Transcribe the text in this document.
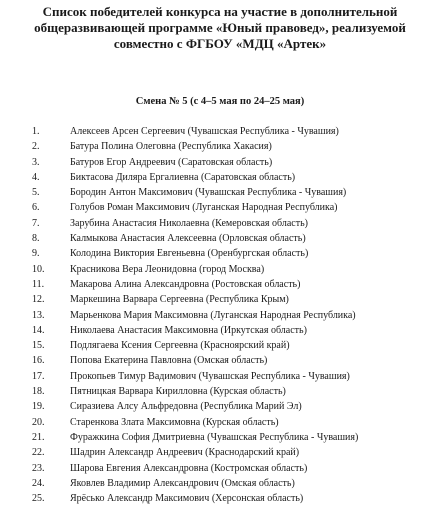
Список победителей конкурса на участие в дополнительной
общеразвивающей программе «Юный правовед», реализуемой
совместно с ФГБОУ «МДЦ «Артек»
Смена № 5 (с 4–5 мая по 24–25 мая)
1.	Алексеев Арсен Сергеевич (Чувашская Республика - Чувашия)
2.	Батура Полина Олеговна (Республика Хакасия)
3.	Батуров Егор Андреевич (Саратовская область)
4.	Биктасова Диляра Ергалиевна (Саратовская область)
5.	Бородин Антон Максимович (Чувашская Республика - Чувашия)
6.	Голубов Роман Максимович (Луганская Народная Республика)
7.	Зарубина Анастасия Николаевна (Кемеровская область)
8.	Калмыкова Анастасия Алексеевна (Орловская область)
9.	Колодина Виктория Евгеньевна (Оренбургская область)
10.	Красникова Вера Леонидовна (город Москва)
11.	Макарова Алина Александровна (Ростовская область)
12.	Маркешина Варвара Сергеевна (Республика Крым)
13.	Марьенкова Мария Максимовна (Луганская Народная Республика)
14.	Николаева Анастасия Максимовна (Иркутская область)
15.	Подлягаева Ксения Сергеевна (Красноярский край)
16.	Попова Екатерина Павловна (Омская область)
17.	Прокопьев Тимур Вадимович (Чувашская Республика - Чувашия)
18.	Пятницкая Варвара Кирилловна (Курская область)
19.	Сиразиева Алсу Альфредовна (Республика Марий Эл)
20.	Старенкова Злата Максимовна (Курская область)
21.	Фуражкина София Дмитриевна (Чувашская Республика - Чувашия)
22.	Шадрин Александр Андреевич (Краснодарский край)
23.	Шарова Евгения Александровна (Костромская область)
24.	Яковлев Владимир Александрович (Омская область)
25.	Ярёсько Александр Максимович (Херсонская область)
